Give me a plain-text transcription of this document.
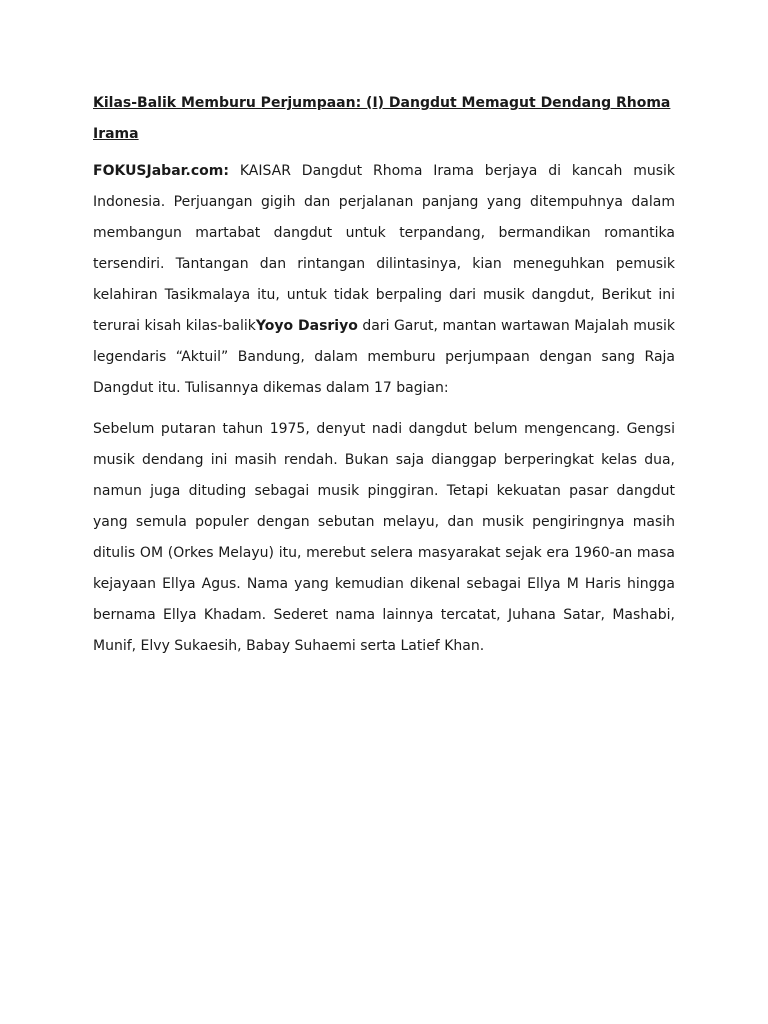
Kilas-Balik Memburu Perjumpaan: (I) Dangdut Memagut Dendang Rhoma Irama

FOKUSJabar.com: KAISAR Dangdut Rhoma Irama berjaya di kancah musik Indonesia. Perjuangan gigih dan perjalanan panjang yang ditempuhnya dalam membangun martabat dangdut untuk terpandang, bermandikan romantika tersendiri. Tantangan dan rintangan dilintasinya, kian meneguhkan pemusik kelahiran Tasikmalaya itu, untuk tidak berpaling dari musik dangdut, Berikut ini terurai kisah kilas-balikYoyo Dasriyo dari Garut, mantan wartawan Majalah musik legendaris “Aktuil” Bandung, dalam memburu perjumpaan dengan sang Raja Dangdut itu. Tulisannya dikemas dalam 17 bagian:

Sebelum putaran tahun 1975, denyut nadi dangdut belum mengencang. Gengsi musik dendang ini masih rendah. Bukan saja dianggap berperingkat kelas dua, namun juga dituding sebagai musik pinggiran. Tetapi kekuatan pasar dangdut yang semula populer dengan sebutan melayu, dan musik pengiringnya masih ditulis OM (Orkes Melayu) itu, merebut selera masyarakat sejak era 1960-an masa kejayaan Ellya Agus. Nama yang kemudian dikenal sebagai Ellya M Haris hingga bernama Ellya Khadam. Sederet nama lainnya tercatat, Juhana Satar, Mashabi, Munif, Elvy Sukaesih, Babay Suhaemi serta Latief Khan.
